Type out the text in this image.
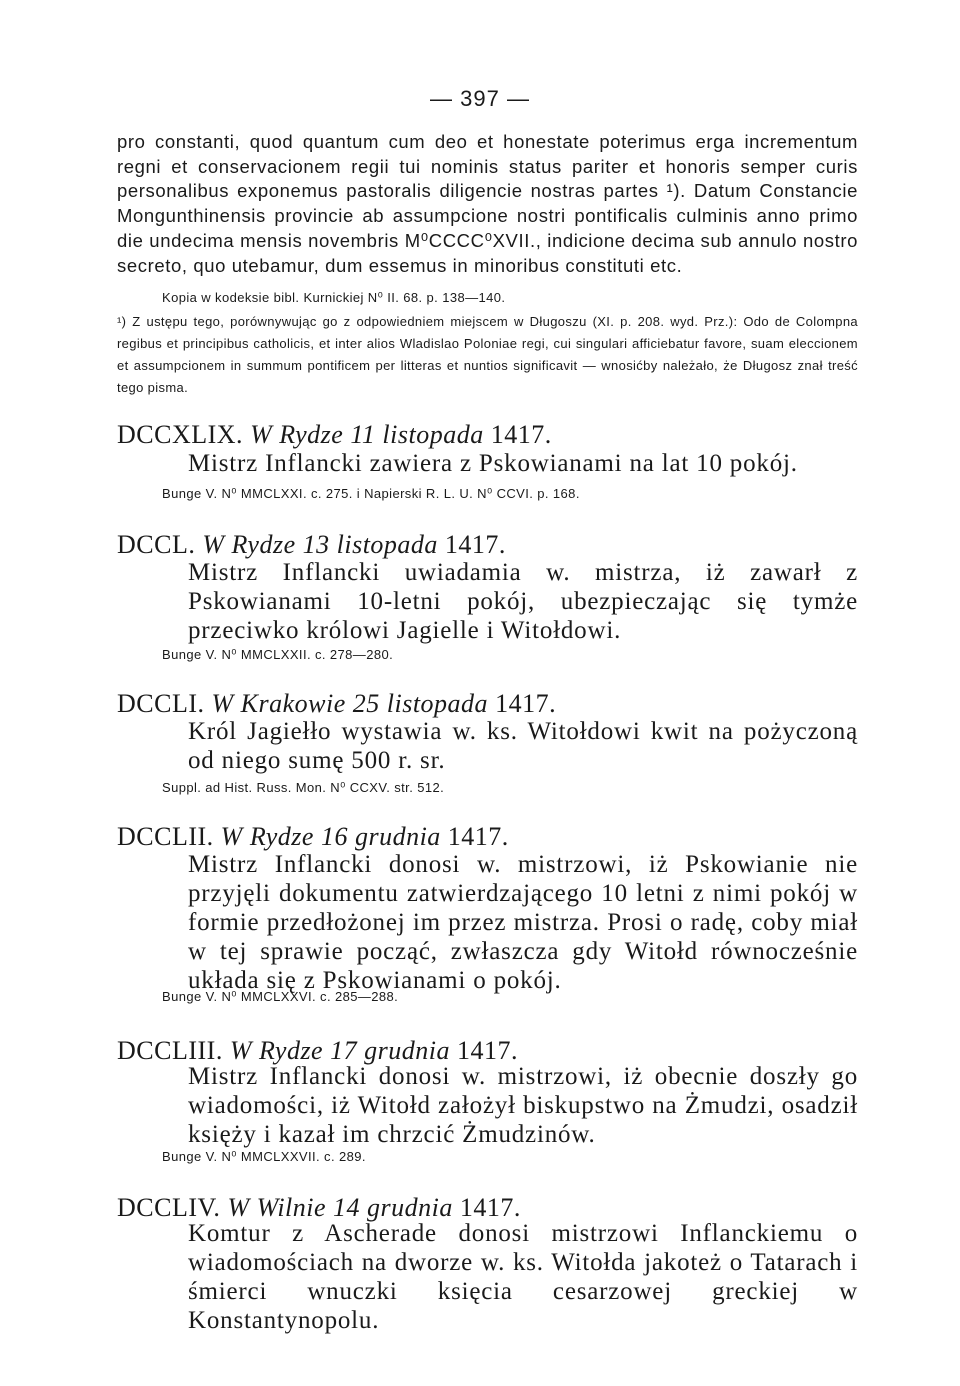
— 397 —
pro constanti, quod quantum cum deo et honestate poterimus erga incrementum regni et conservacionem regii tui nominis status pariter et honoris semper curis personalibus exponemus pastoralis diligencie nostras partes ¹). Datum Constancie Mongunthinensis provincie ab assumpcione nostri pontificalis culminis anno primo die undecima mensis novembris M⁰CCCC⁰XVII., indicione decima sub annulo nostro secreto, quo utebamur, dum essemus in minoribus constituti etc.
Kopia w kodeksie bibl. Kurnickiej N⁰ II. 68. p. 138—140.
¹) Z ustępu tego, porównywując go z odpowiedniem miejscem w Długoszu (XI. p. 208. wyd. Prz.): Odo de Colompna regibus et principibus catholicis, et inter alios Wladislao Poloniae regi, cui singulari afficiebatur favore, suam eleccionem et assumpcionem in summum pontificem per litteras et nuntios significavit — wnosićby należało, że Długosz znał treść tego pisma.
DCCXLIX. W Rydze 11 listopada 1417.
Mistrz Inflancki zawiera z Pskowianami na lat 10 pokój.
Bunge V. N⁰ MMCLXXI. c. 275. i Napierski R. L. U. N⁰ CCVI. p. 168.
DCCL. W Rydze 13 listopada 1417.
Mistrz Inflancki uwiadamia w. mistrza, iż zawarł z Pskowianami 10-letni pokój, ubezpieczając się tymże przeciwko królowi Jagielle i Witołdowi.
Bunge V. N⁰ MMCLXXII. c. 278—280.
DCCLI. W Krakowie 25 listopada 1417.
Król Jagiełło wystawia w. ks. Witołdowi kwit na pożyczoną od niego sumę 500 r. sr.
Suppl. ad Hist. Russ. Mon. N⁰ CCXV. str. 512.
DCCLII. W Rydze 16 grudnia 1417.
Mistrz Inflancki donosi w. mistrzowi, iż Pskowianie nie przyjęli dokumentu zatwierdzającego 10 letni z nimi pokój w formie przedłożonej im przez mistrza. Prosi o radę, coby miał w tej sprawie począć, zwłaszcza gdy Witołd równocześnie układa się z Pskowianami o pokój.
Bunge V. N⁰ MMCLXXVI. c. 285—288.
DCCLIII. W Rydze 17 grudnia 1417.
Mistrz Inflancki donosi w. mistrzowi, iż obecnie doszły go wiadomości, iż Witołd założył biskupstwo na Żmudzi, osadził księży i kazał im chrzcić Żmudzinów.
Bunge V. N⁰ MMCLXXVII. c. 289.
DCCLIV. W Wilnie 14 grudnia 1417.
Komtur z Ascherade donosi mistrzowi Inflanckiemu o wiadomościach na dworze w. ks. Witołda jakoteż o Tatarach i śmierci wnuczki księcia cesarzowej greckiej w Konstantynopolu.
